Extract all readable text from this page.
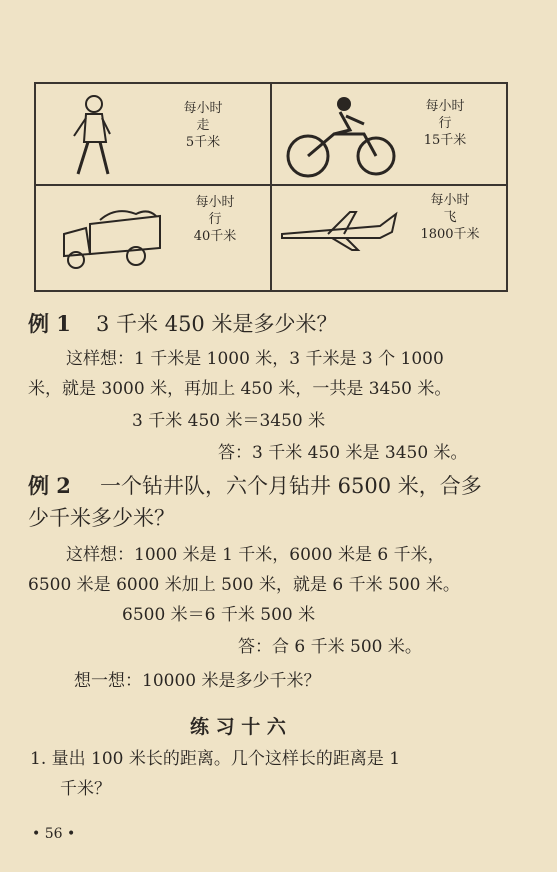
每小时
走
5千米
每小时
行
15千米
每小时
行
40千米
每小时
飞
1800千米
例 1 3 千米 450 米是多少米？
这样想：1 千米是 1000 米，3 千米是 3 个 1000
米，就是 3000 米，再加上 450 米，一共是 3450 米。
3 千米 450 米＝3450 米
答：3 千米 450 米是 3450 米。
例 2 一个钻井队，六个月钻井 6500 米，合多
少千米多少米？
这样想：1000 米是 1 千米，6000 米是 6 千米，
6500 米是 6000 米加上 500 米，就是 6 千米 500 米。
6500 米＝6 千米 500 米
答：合 6 千米 500 米。
想一想：10000 米是多少千米？
练 习 十 六
1. 量出 100 米长的距离。几个这样长的距离是 1
千米？
• 56 •
